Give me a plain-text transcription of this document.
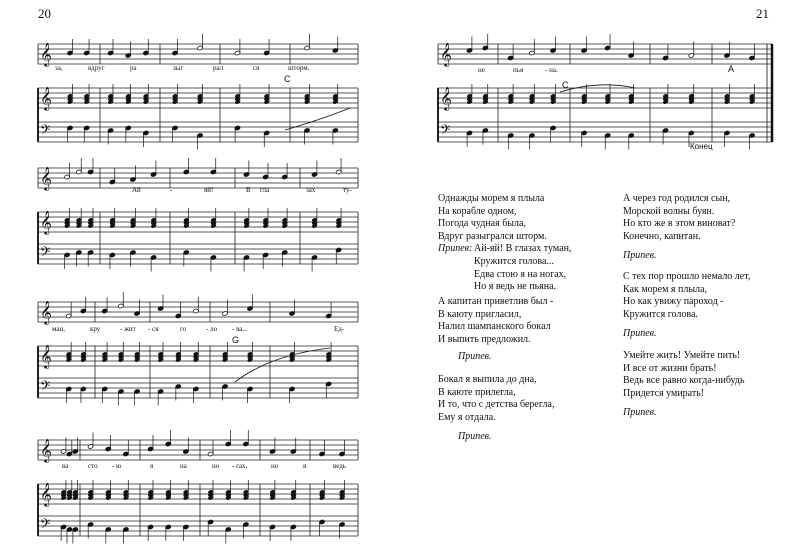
20
𝄞
𝄞
𝄢
𝄞
𝄞
𝄢
𝄞
𝄞
𝄢
𝄞
𝄞
𝄢
C
G
за,	вдруг	ра	зыг	рал	ся	шторм.
Ай	-	яй!	В гла	зах	ту-
ман,	кру	- жит - ся	го	- ло - ва...	Ед-
ва	сто - ю	я	на	но - гах,	но	я	ведь
21
𝄞
𝄞
𝄢
C
A
Конец
не	пья	- на.
Однажды морем я плыла
На корабле одном,
Погода чудная была,
Вдруг разыгрался шторм.
Припев: Ай-яй! В глазах туман,
Кружится голова...
Едва стою я на ногах,
Но я ведь не пьяна.
А капитан приветлив был -
В каюту пригласил,
Налил шампанского бокал
И выпить предложил.
Припев.
Бокал я выпила до дна,
В каюте прилегла,
И то, что с детства берегла,
Ему я отдала.
Припев.
А через год родился сын,
Морской волны буян.
Но кто же в этом виноват?
Конечно, капитан.
Припев.
С тех пор прошло немало лет,
Как морем я плыла,
Но как увижу пароход -
Кружится голова.
Припев.
Умейте жить! Умейте пить!
И все от жизни брать!
Ведь все равно когда-нибудь
Придется умирать!
Припев.
